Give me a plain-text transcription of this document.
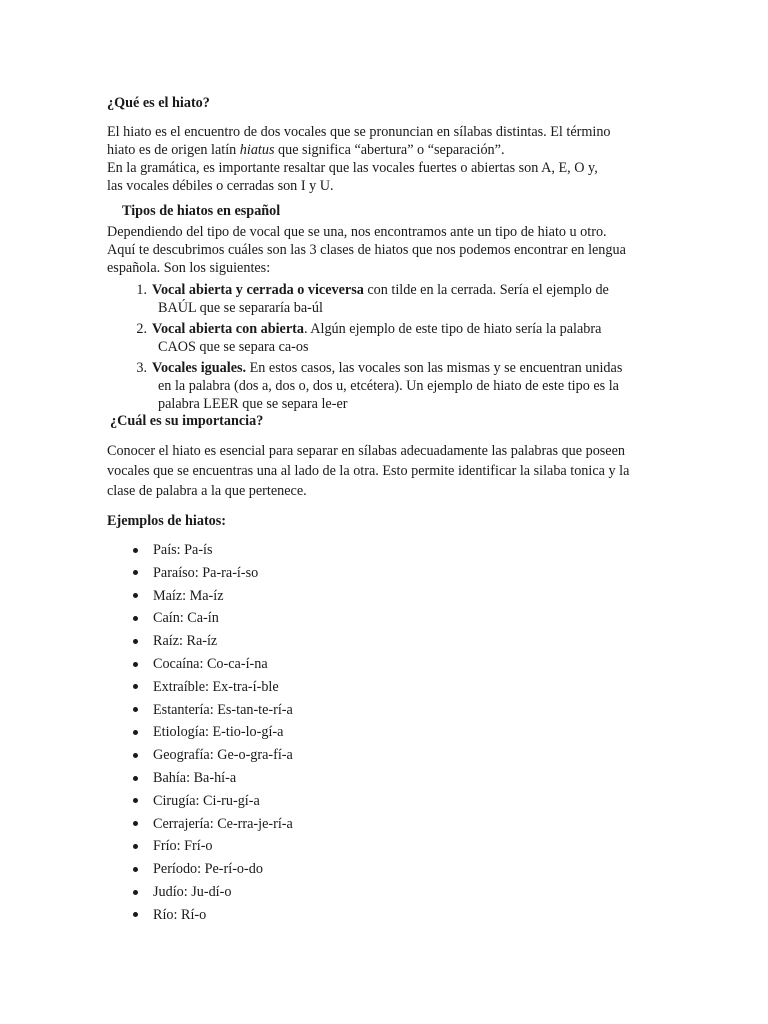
¿Qué es el hiato?
El hiato es el encuentro de dos vocales que se pronuncian en sílabas distintas. El término
hiato es de origen latín hiatus que significa “abertura” o “separación”.
En la gramática, es importante resaltar que las vocales fuertes o abiertas son A, E, O y,
las vocales débiles o cerradas son I y U.
Tipos de hiatos en español
Dependiendo del tipo de vocal que se una, nos encontramos ante un tipo de hiato u otro.
Aquí te descubrimos cuáles son las 3 clases de hiatos que nos podemos encontrar en lengua
española. Son los siguientes:
1. Vocal abierta y cerrada o viceversa con tilde en la cerrada. Sería el ejemplo de
BAÚL que se separaría ba-úl
2. Vocal abierta con abierta. Algún ejemplo de este tipo de hiato sería la palabra
CAOS que se separa ca-os
3. Vocales iguales. En estos casos, las vocales son las mismas y se encuentran unidas
en la palabra (dos a, dos o, dos u, etcétera). Un ejemplo de hiato de este tipo es la
palabra LEER que se separa le-er
¿Cuál es su importancia?
Conocer el hiato es esencial para separar en sílabas adecuadamente las palabras que poseen
vocales que se encuentras una al lado de la otra. Esto permite identificar la silaba tonica y la
clase de palabra a la que pertenece.
Ejemplos de hiatos:
País: Pa-ís
Paraíso: Pa-ra-í-so
Maíz: Ma-íz
Caín: Ca-ín
Raíz: Ra-íz
Cocaína: Co-ca-í-na
Extraíble: Ex-tra-í-ble
Estantería: Es-tan-te-rí-a
Etiología: E-tio-lo-gí-a
Geografía: Ge-o-gra-fí-a
Bahía: Ba-hí-a
Cirugía: Ci-ru-gí-a
Cerrajería: Ce-rra-je-rí-a
Frío: Frí-o
Período: Pe-rí-o-do
Judío: Ju-dí-o
Río: Rí-o
